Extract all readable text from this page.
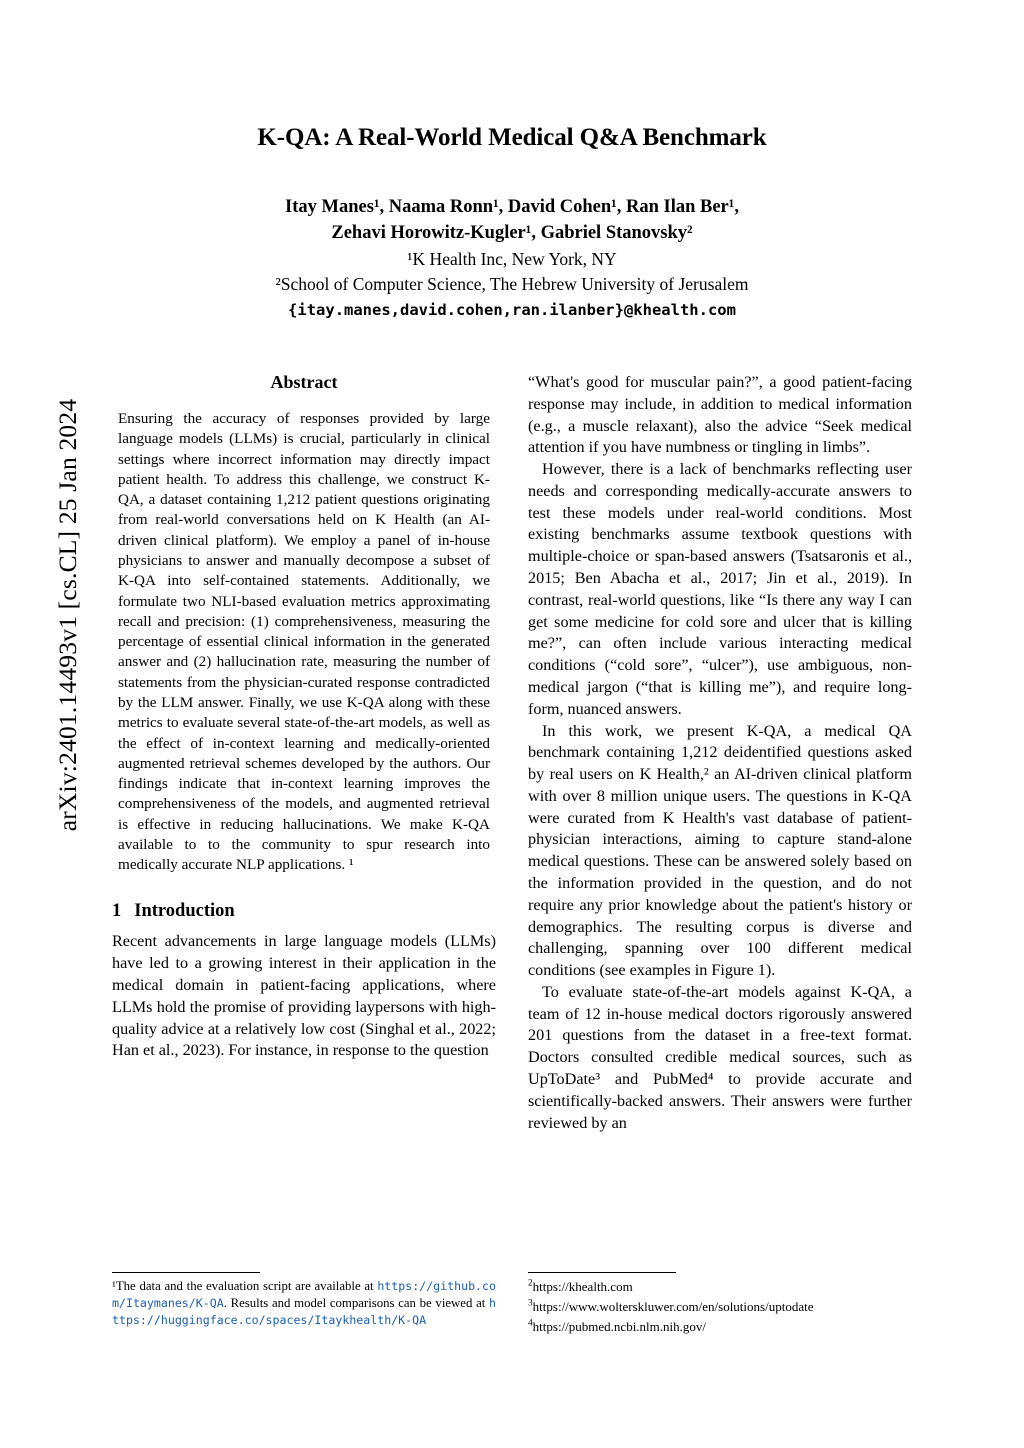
arXiv:2401.14493v1 [cs.CL] 25 Jan 2024
K-QA: A Real-World Medical Q&A Benchmark
Itay Manes¹, Naama Ronn¹, David Cohen¹, Ran Ilan Ber¹,
Zehavi Horowitz-Kugler¹, Gabriel Stanovsky²
¹K Health Inc, New York, NY
²School of Computer Science, The Hebrew University of Jerusalem
{itay.manes,david.cohen,ran.ilanber}@khealth.com
Abstract
Ensuring the accuracy of responses provided by large language models (LLMs) is crucial, particularly in clinical settings where incorrect information may directly impact patient health. To address this challenge, we construct K-QA, a dataset containing 1,212 patient questions originating from real-world conversations held on K Health (an AI-driven clinical platform). We employ a panel of in-house physicians to answer and manually decompose a subset of K-QA into self-contained statements. Additionally, we formulate two NLI-based evaluation metrics approximating recall and precision: (1) comprehensiveness, measuring the percentage of essential clinical information in the generated answer and (2) hallucination rate, measuring the number of statements from the physician-curated response contradicted by the LLM answer. Finally, we use K-QA along with these metrics to evaluate several state-of-the-art models, as well as the effect of in-context learning and medically-oriented augmented retrieval schemes developed by the authors. Our findings indicate that in-context learning improves the comprehensiveness of the models, and augmented retrieval is effective in reducing hallucinations. We make K-QA available to to the community to spur research into medically accurate NLP applications. ¹
1 Introduction

Recent advancements in large language models (LLMs) have led to a growing interest in their application in the medical domain in patient-facing applications, where LLMs hold the promise of providing laypersons with high-quality advice at a relatively low cost (Singhal et al., 2022; Han et al., 2023). For instance, in response to the question

“What's good for muscular pain?”, a good patient-facing response may include, in addition to medical information (e.g., a muscle relaxant), also the advice “Seek medical attention if you have numbness or tingling in limbs”.

However, there is a lack of benchmarks reflecting user needs and corresponding medically-accurate answers to test these models under real-world conditions. Most existing benchmarks assume textbook questions with multiple-choice or span-based answers (Tsatsaronis et al., 2015; Ben Abacha et al., 2017; Jin et al., 2019). In contrast, real-world questions, like “Is there any way I can get some medicine for cold sore and ulcer that is killing me?”, can often include various interacting medical conditions (“cold sore”, “ulcer”), use ambiguous, non-medical jargon (“that is killing me”), and require long-form, nuanced answers.

In this work, we present K-QA, a medical QA benchmark containing 1,212 deidentified questions asked by real users on K Health,² an AI-driven clinical platform with over 8 million unique users. The questions in K-QA were curated from K Health's vast database of patient-physician interactions, aiming to capture stand-alone medical questions. These can be answered solely based on the information provided in the question, and do not require any prior knowledge about the patient's history or demographics. The resulting corpus is diverse and challenging, spanning over 100 different medical conditions (see examples in Figure 1).

To evaluate state-of-the-art models against K-QA, a team of 12 in-house medical doctors rigorously answered 201 questions from the dataset in a free-text format. Doctors consulted credible medical sources, such as UpToDate³ and PubMed⁴ to provide accurate and scientifically-backed answers. Their answers were further reviewed by an

¹The data and the evaluation script are available at https://github.com/Itaymanes/K-QA. Results and model comparisons can be viewed at https://huggingface.co/spaces/Itaykhealth/K-QA
$^2$https://khealth.com
$^3$https://www.wolterskluwer.com/en/solutions/uptodate
$^4$https://pubmed.ncbi.nlm.nih.gov/
